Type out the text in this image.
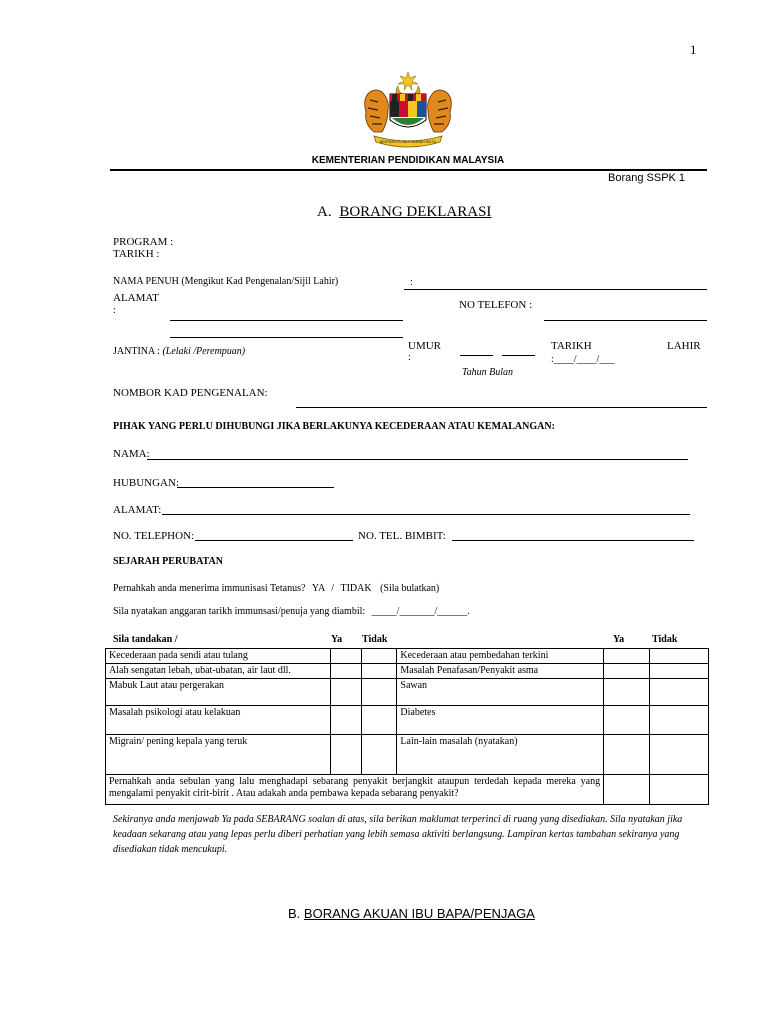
1
BERSEKUTU BERTAMBAH MUTU
KEMENTERIAN PENDIDIKAN MALAYSIA
Borang SSPK 1
A. BORANG DEKLARASI
PROGRAM :
TARIKH :
NAMA PENUH (Mengikut Kad Pengenalan/Sijil Lahir)	:
ALAMAT
:	NO TELEFON :
JANTINA : (Lelaki /Perempuan)	UMUR
:
Tahun Bulan
TARIKH	LAHIR
:____/____/___
NOMBOR KAD PENGENALAN:
PIHAK YANG PERLU DIHUBUNGI JIKA BERLAKUNYA KECEDERAAN ATAU KEMALANGAN:
NAMA:
HUBUNGAN:
ALAMAT:
NO. TELEPHON:	NO. TEL. BIMBIT:
SEJARAH PERUBATAN
Pernahkah anda menerima immunisasi Tetanus? YA / TIDAK (Sila bulatkan)
Sila nyatakan anggaran tarikh immunsasi/penuja yang diambil: _____/_______/______.
Sila tandakan /	Ya Tidak	Ya	Tidak
Kecederaan pada sendi atau tulang			Kecederaan atau pembedahan terkini		
Alah sengatan lebah, ubat-ubatan, air laut dll.			Masalah Penafasan/Penyakit asma		
Mabuk Laut atau pergerakan			Sawan		
Masalah psikologi atau kelakuan			Diabetes		
Migrain/ pening kepala yang teruk			Lain-lain masalah (nyatakan)		
Pernahkah anda sebulan yang lalu menghadapi sebarang penyakit berjangkit ataupun terdedah kepada mereka yang mengalami penyakit cirit-birit . Atau adakah anda pembawa kepada sebarang penyakit?					
Sekiranya anda menjawab Ya pada SEBARANG soalan di atas, sila berikan maklumat terperinci di ruang yang disediakan. Sila nyatakan jika keadaan sekarang atau yang lepas perlu diberi perhatian yang lebih semasa aktiviti berlangsung. Lampiran kertas tambahan sekiranya yang disediakan tidak mencukupi.
B. BORANG AKUAN IBU BAPA/PENJAGA
